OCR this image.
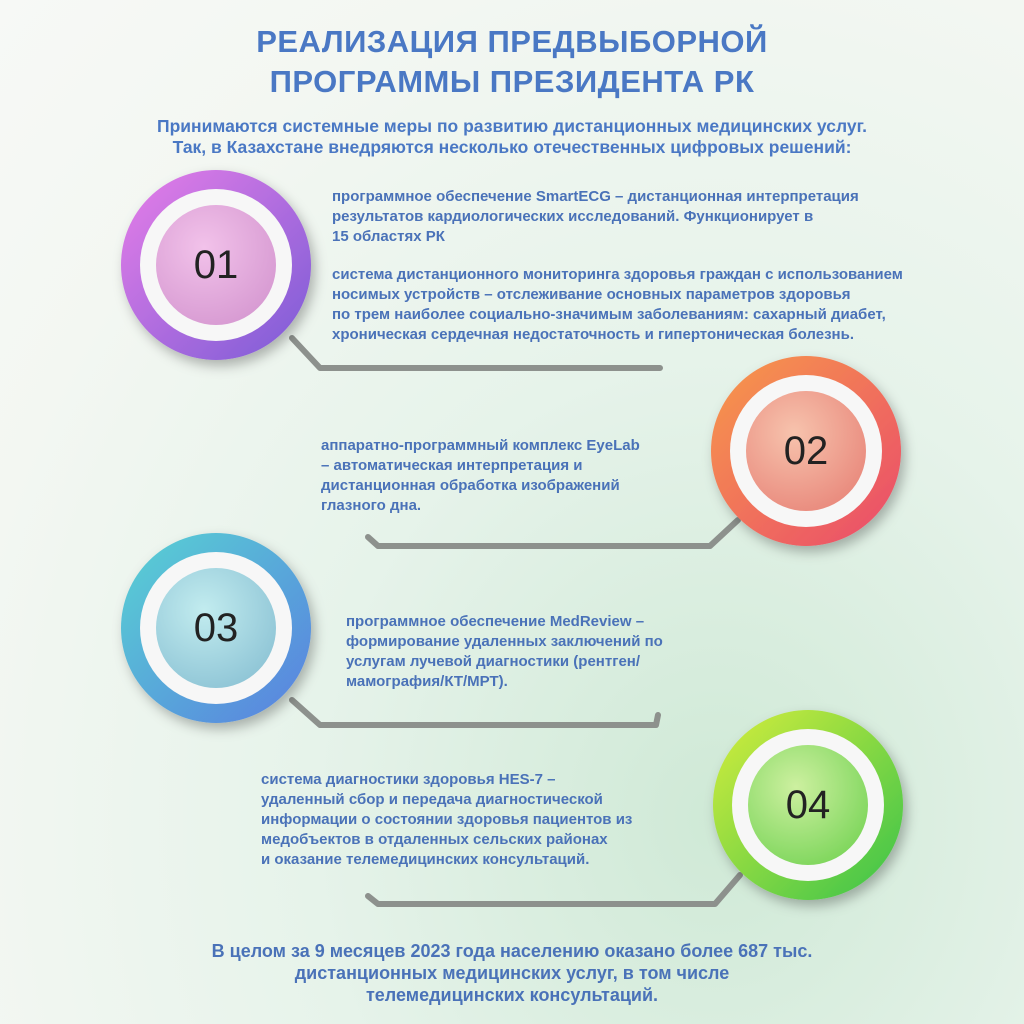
РЕАЛИЗАЦИЯ ПРЕДВЫБОРНОЙ
ПРОГРАММЫ ПРЕЗИДЕНТА РК
Принимаются системные меры по развитию дистанционных медицинских услуг.
Так, в Казахстане внедряются несколько отечественных цифровых решений:
01
02
03
04
программное обеспечение SmartECG – дистанционная интерпретация
результатов кардиологических исследований. Функционирует в
15 областях РК
система дистанционного мониторинга здоровья граждан с использованием
носимых устройств – отслеживание основных параметров здоровья
по трем наиболее социально-значимым заболеваниям: сахарный диабет,
хроническая сердечная недостаточность и гипертоническая болезнь.
аппаратно-программный комплекс EyeLab
– автоматическая интерпретация и
дистанционная обработка изображений
глазного дна.
программное обеспечение MedReview –
формирование удаленных заключений по
услугам лучевой диагностики (рентген/
мамография/КТ/МРТ).
система диагностики здоровья HES-7 –
удаленный сбор и передача диагностической
информации о состоянии здоровья пациентов из
медобъектов в отдаленных сельских районах
и оказание телемедицинских консультаций.
В целом за 9 месяцев 2023 года населению оказано более 687 тыс.
дистанционных медицинских услуг, в том числе
телемедицинских консультаций.
